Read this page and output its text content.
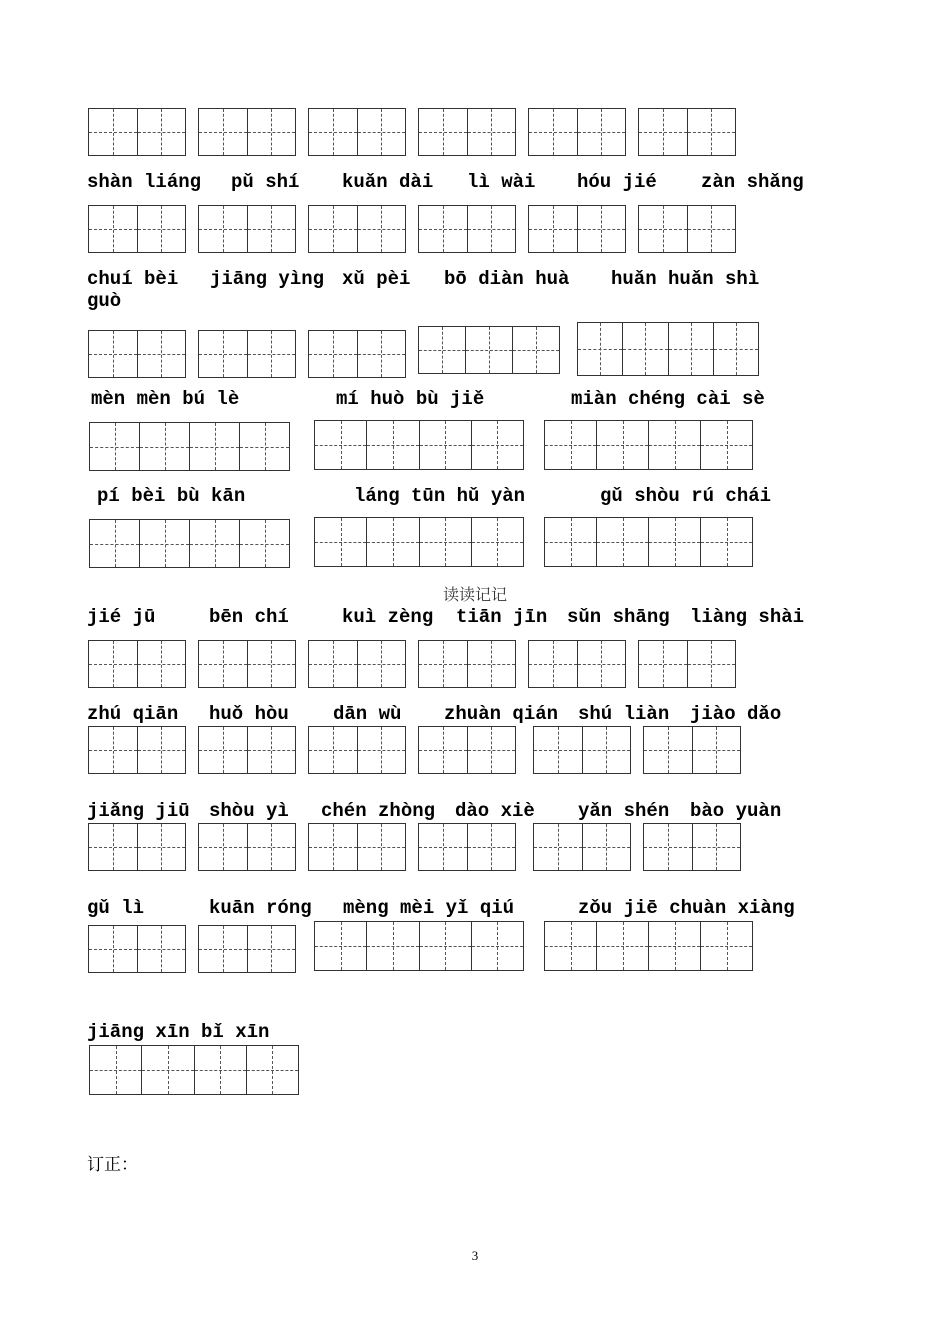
shàn liáng pǔ shí kuǎn dài lì wài hóu jié zàn shǎng
chuí bèi jiāng yìng xǔ pèi bō diàn huà huǎn huǎn shì
guò
mèn mèn bú lè	mí huò bù jiě	miàn chéng cài sè
pí bèi bù kān	láng tūn hǔ yàn	gǔ shòu rú chái
读读记记
jié jū	bēn chí	kuì zèng tiān jīn sǔn shāng liàng shài
zhú qiān huǒ hòu dān wù zhuàn qián shú liàn jiào dǎo
jiǎng jiū shòu yì chén zhòng dào xiè yǎn shén bào yuàn
gǔ lì	kuān róng mèng mèi yǐ qiú	zǒu jiē chuàn xiàng
jiāng xīn bǐ xīn
订正：
3
